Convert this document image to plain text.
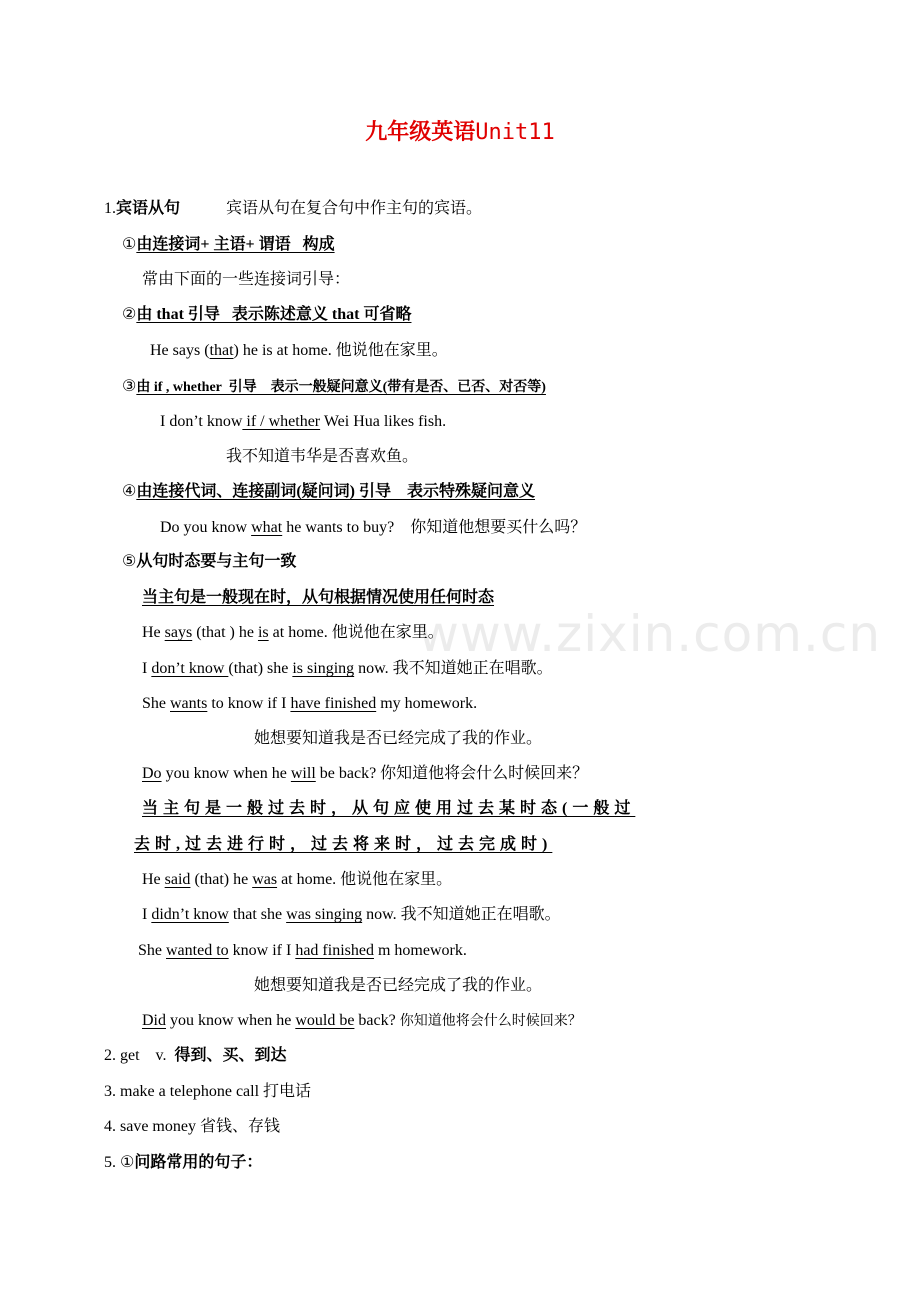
www.zixin.com.cn
九年级英语Unit11
1.宾语从句	宾语从句在复合句中作主句的宾语。
①由连接词+ 主语+ 谓语   构成
常由下面的一些连接词引导：
②由 that 引导   表示陈述意义 that 可省略
He says (that) he is at home. 他说他在家里。
③由 if , whether  引导    表示一般疑问意义(带有是否、已否、对否等)
I don’t know if / whether Wei Hua likes fish.
我不知道韦华是否喜欢鱼。
④由连接代词、连接副词(疑问词) 引导    表示特殊疑问意义
Do you know what he wants to buy?    你知道他想要买什么吗？
⑤从句时态要与主句一致
当主句是一般现在时，从句根据情况使用任何时态
He says (that ) he is at home. 他说他在家里。
I don’t know (that) she is singing now. 我不知道她正在唱歌。
She wants to know if I have finished my homework.
她想要知道我是否已经完成了我的作业。
Do you know when he will be back? 你知道他将会什么时候回来？
当主句是一般过去时，从句应使用过去某时态(一般过
去时,过去进行时，过去将来时，过去完成时)
He said (that) he was at home. 他说他在家里。
I didn’t know that she was singing now. 我不知道她正在唱歌。
She wanted to know if I had finished m homework.
她想要知道我是否已经完成了我的作业。
Did you know when he would be back? 你知道他将会什么时候回来？
2. get    v.  得到、买、到达
3. make a telephone call 打电话
4. save money 省钱、存钱
5. ①问路常用的句子：
